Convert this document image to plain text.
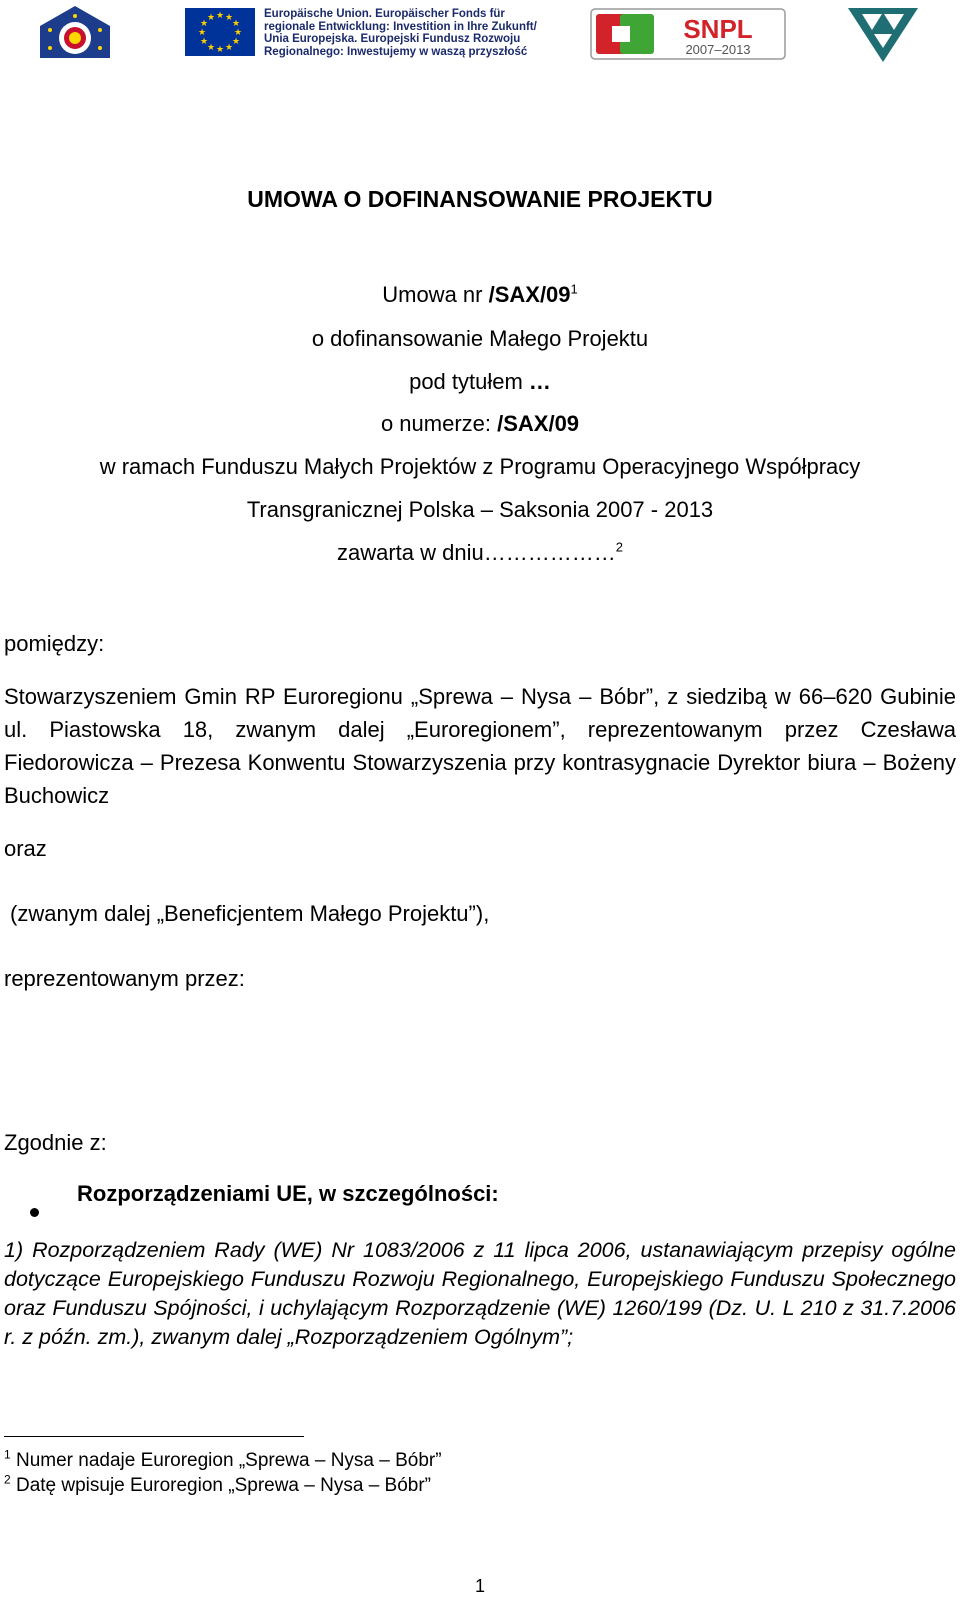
★ ★
★
★
★
★
★
★
★
★
★
★	Europäische Union. Europäischer Fonds für
regionale Entwicklung: Investition in Ihre Zukunft/
Unia Europejska. Europejski Fundusz Rozwoju
Regionalnego: Inwestujemy w waszą przyszłość
SNPL
2007–2013
UMOWA O DOFINANSOWANIE PROJEKTU
Umowa nr $/SAX/09^1$
o dofinansowanie Małego Projektu
pod tytułem …
o numerze: /SAX/09
w ramach Funduszu Małych Projektów z Programu Operacyjnego Współpracy
Transgranicznej Polska – Saksonia 2007 - 2013
zawarta w dniu………………$^2$
pomiędzy:
Stowarzyszeniem Gmin RP Euroregionu „Sprewa – Nysa – Bóbr”, z siedzibą w 66–620 Gubinie ul. Piastowska 18, zwanym dalej „Euroregionem”, reprezentowanym przez Czesława Fiedorowicza – Prezesa Konwentu Stowarzyszenia przy kontrasygnacie Dyrektor biura – Bożeny Buchowicz
oraz
(zwanym dalej „Beneficjentem Małego Projektu”),
reprezentowanym przez:
Zgodnie z:
Rozporządzeniami UE, w szczególności:
1) Rozporządzeniem Rady (WE) Nr 1083/2006 z 11 lipca 2006, ustanawiającym przepisy ogólne dotyczące Europejskiego Funduszu Rozwoju Regionalnego, Europejskiego Funduszu Społecznego oraz Funduszu Spójności, i uchylającym Rozporządzenie (WE) 1260/199 (Dz. U. L 210 z 31.7.2006 r. z późn. zm.), zwanym dalej „Rozporządzeniem Ogólnym”;
$^1$ Numer nadaje Euroregion „Sprewa – Nysa – Bóbr”
$^2$ Datę wpisuje Euroregion „Sprewa – Nysa – Bóbr”
1
